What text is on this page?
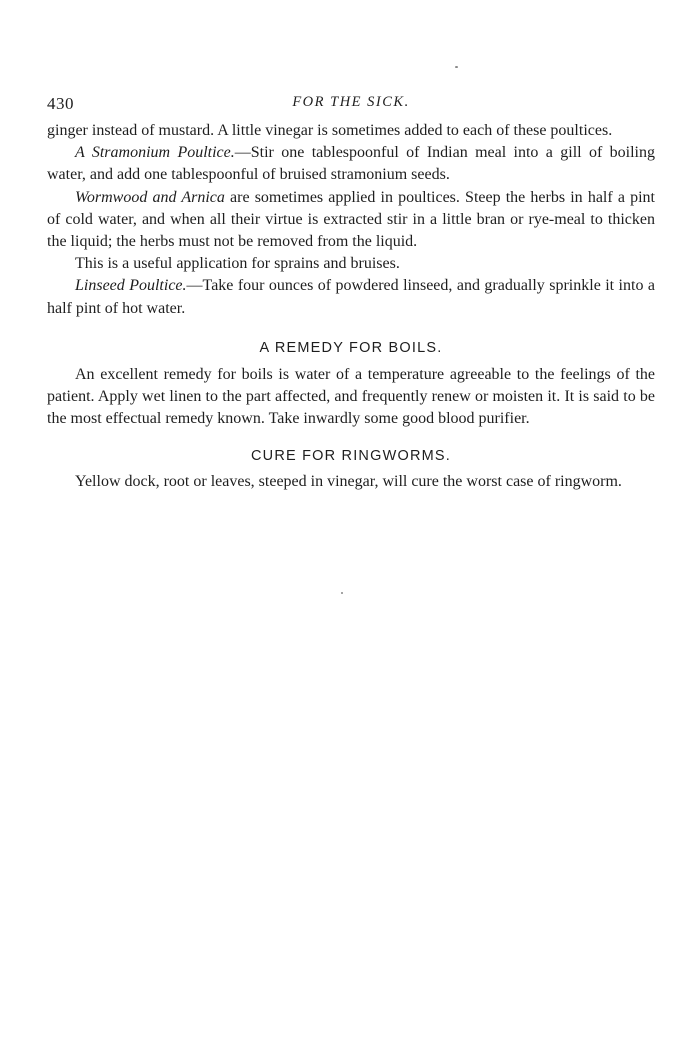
430	FOR THE SICK.

ginger instead of mustard. A little vinegar is sometimes added to each of these poultices.

A Stramonium Poultice.—Stir one tablespoonful of Indian meal into a gill of boiling water, and add one tablespoonful of bruised stramonium seeds.

Wormwood and Arnica are sometimes applied in poultices. Steep the herbs in half a pint of cold water, and when all their virtue is extracted stir in a little bran or rye-meal to thicken the liquid; the herbs must not be removed from the liquid.

This is a useful application for sprains and bruises.

Linseed Poultice.—Take four ounces of powdered linseed, and gradually sprinkle it into a half pint of hot water.

A REMEDY FOR BOILS.

An excellent remedy for boils is water of a temperature agreeable to the feelings of the patient. Apply wet linen to the part affected, and frequently renew or moisten it. It is said to be the most effectual remedy known. Take inwardly some good blood purifier.

CURE FOR RINGWORMS.

Yellow dock, root or leaves, steeped in vinegar, will cure the worst case of ringworm.
